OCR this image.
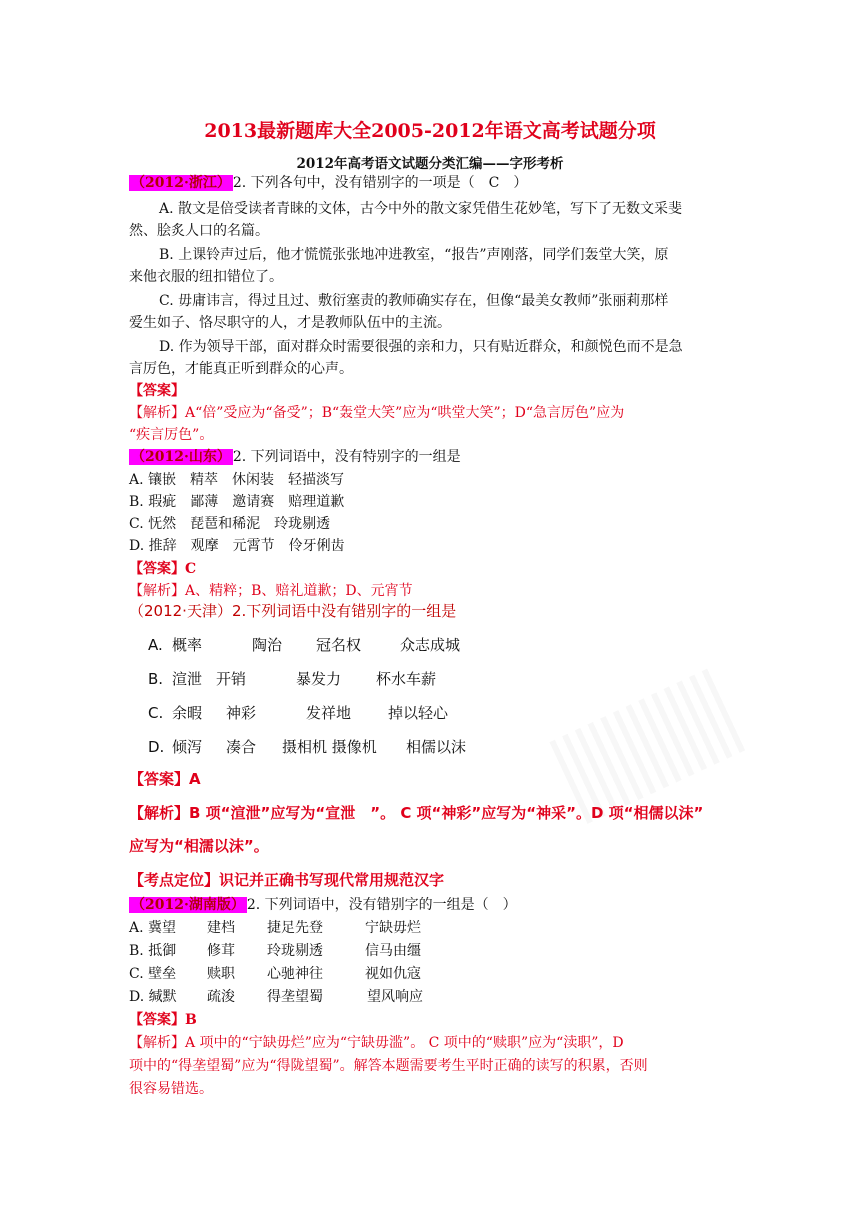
2013最新题库大全2005-2012年语文高考试题分项
2012年高考语文试题分类汇编——字形考析
（2012·浙江） 2. 下列各句中，没有错别字的一项是（　C　）
A. 散文是倍受读者青睐的文体，古今中外的散文家凭借生花妙笔，写下了无数文采斐
然、脍炙人口的名篇。
B. 上课铃声过后，他才慌慌张张地冲进教室，“报告”声刚落，同学们轰堂大笑，原
来他衣服的纽扣错位了。
C. 毋庸讳言，得过且过、敷衍塞责的教师确实存在，但像“最美女教师”张丽莉那样
爱生如子、恪尽职守的人，才是教师队伍中的主流。
D. 作为领导干部，面对群众时需要很强的亲和力，只有贴近群众，和颜悦色而不是急
言厉色，才能真正听到群众的心声。
【答案】
【解析】A“倍”受应为“备受”；B“轰堂大笑”应为“哄堂大笑”；D“急言厉色”应为
“疾言厉色”。
（2012·山东） 2. 下列词语中，没有特别字的一组是
A. 镶嵌　精萃　休闲装　轻描淡写
B. 瑕疵　鄙薄　邀请赛　赔理道歉
C. 怃然　琵琶和稀泥　玲珑剔透
D. 推辞　观摩　元霄节　伶牙俐齿
【答案】C
【解析】A、精粹；B、赔礼道歉；D、元宵节
（2012·天津）2.下列词语中没有错别字的一组是
A. 概率	陶治 冠名权	众志成城
B. 渲泄 开销	暴发力 杯水车薪
C. 余暇 神彩	发祥地 掉以轻心
D. 倾泻 凑合 摄相机 摄像机 相儒以沫
【答案】A
【解析】B 项“渲泄”应写为“宣泄　”。 C 项“神彩”应写为“神采”。D 项“相儒以沫”
应写为“相濡以沫”。
【考点定位】识记并正确书写现代常用规范汉字
（2012·湖南版） 2. 下列词语中，没有错别字的一组是（　）
A. 冀望 建档 捷足先登	宁缺毋烂
B. 抵御 修茸 玲珑剔透	信马由缰
C. 壁垒 赎职 心驰神往	视如仇寇
D. 缄默 疏浚 得垄望蜀	望风响应
【答案】B
【解析】A 项中的“宁缺毋烂”应为“宁缺毋滥”。 C 项中的“赎职”应为“渎职”，D
项中的“得垄望蜀”应为“得陇望蜀”。解答本题需要考生平时正确的读写的积累，否则
很容易错选。
